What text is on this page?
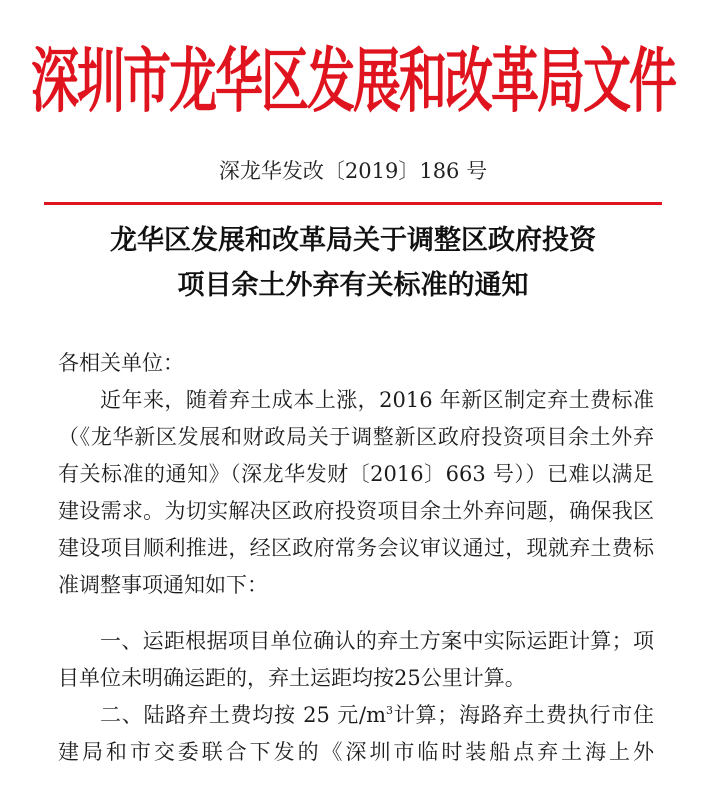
深圳市龙华区发展和改革局文件
深龙华发改〔2019〕186 号
龙华区发展和改革局关于调整区政府投资
项目余土外弃有关标准的通知
各相关单位：
近年来，随着弃土成本上涨，2016 年新区制定弃土费标准（《龙华新区发展和财政局关于调整新区政府投资项目余土外弃有关标准的通知》（深龙华发财〔2016〕663 号））已难以满足建设需求。为切实解决区政府投资项目余土外弃问题，确保我区建设项目顺利推进，经区政府常务会议审议通过，现就弃土费标准调整事项通知如下：
一、运距根据项目单位确认的弃土方案中实际运距计算；项目单位未明确运距的，弃土运距均按25公里计算。
二、陆路弃土费均按 25 元$/m^3$计算；海路弃土费执行市住建局和市交委联合下发的《深圳市临时装船点弃土海上外
